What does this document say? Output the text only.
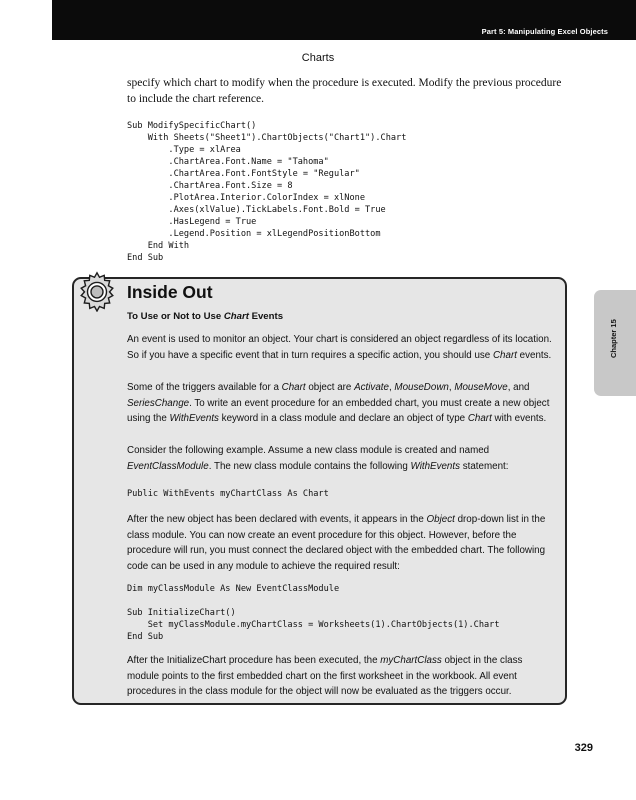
Part 5: Manipulating Excel Objects
Charts

specify which chart to modify when the procedure is executed. Modify the previous procedure to include the chart reference.

Sub ModifySpecificChart()
With Sheets("Sheet1").ChartObjects("Chart1").Chart
.Type = xlArea
.ChartArea.Font.Name = "Tahoma"
.ChartArea.Font.FontStyle = "Regular"
.ChartArea.Font.Size = 8
.PlotArea.Interior.ColorIndex = xlNone
.Axes(xlValue).TickLabels.Font.Bold = True
.HasLegend = True
.Legend.Position = xlLegendPositionBottom
End With
End Sub
Chapter 15
Inside Out
To Use or Not to Use Chart Events

An event is used to monitor an object. Your chart is considered an object regardless of its location. So if you have a specific event that in turn requires a specific action, you should use Chart events.

Some of the triggers available for a Chart object are Activate, MouseDown, MouseMove, and SeriesChange. To write an event procedure for an embedded chart, you must create a new object using the WithEvents keyword in a class module and declare an object of type Chart with events.

Consider the following example. Assume a new class module is created and named EventClassModule. The new class module contains the following WithEvents statement:

Public WithEvents myChartClass As Chart

After the new object has been declared with events, it appears in the Object drop-down list in the class module. You can now create an event procedure for this object. However, before the procedure will run, you must connect the declared object with the embedded chart. The following code can be used in any module to achieve the required result:

Dim myClassModule As New EventClassModule

Sub InitializeChart()
Set myClassModule.myChartClass = Worksheets(1).ChartObjects(1).Chart
End Sub

After the InitializeChart procedure has been executed, the myChartClass object in the class module points to the first embedded chart on the first worksheet in the workbook. All event procedures in the class module for the object will now be evaluated as the triggers occur.

329
